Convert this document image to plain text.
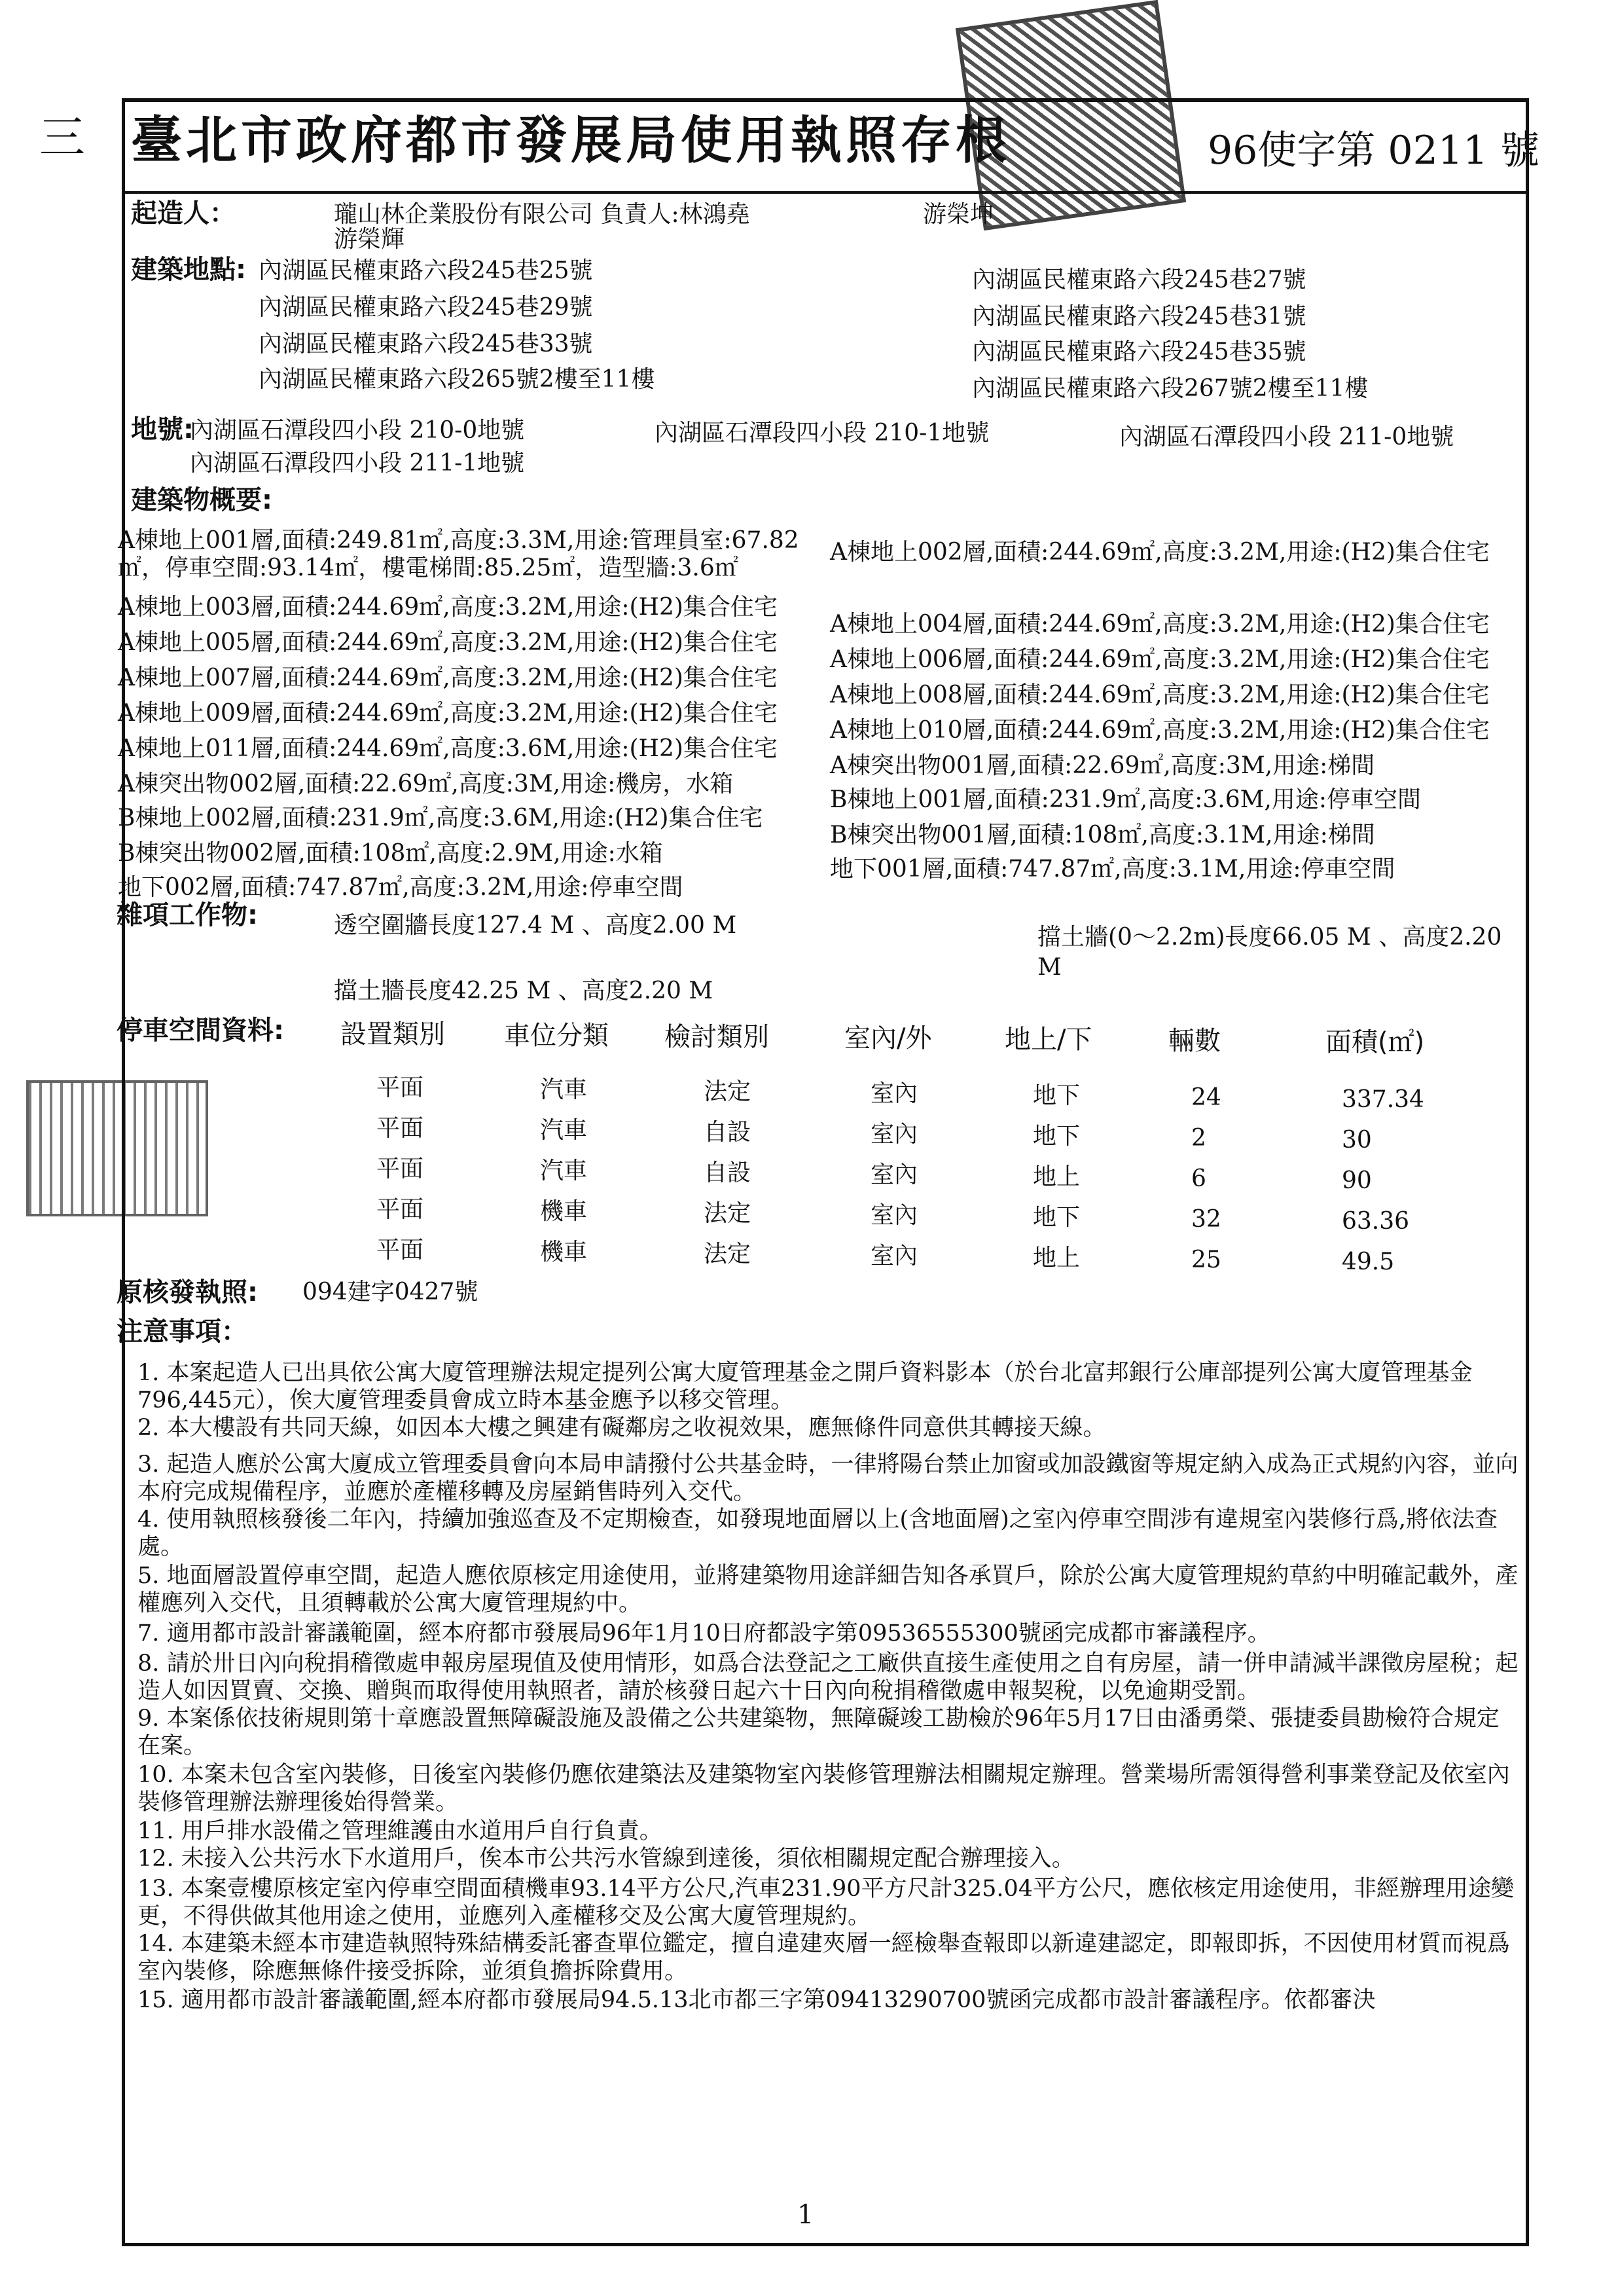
三 臺北市政府都市發展局使用執照存根	96使字第 0211 號
起造人：	瓏山林企業股份有限公司 負責人:林鴻堯	游榮坤
游榮輝
建築地點: 內湖區民權東路六段245巷25號
內湖區民權東路六段245巷29號
內湖區民權東路六段245巷33號
內湖區民權東路六段265號2樓至11樓
內湖區民權東路六段245巷27號
內湖區民權東路六段245巷31號
內湖區民權東路六段245巷35號
內湖區民權東路六段267號2樓至11樓
地號:
內湖區石潭段四小段 210-0地號	內湖區石潭段四小段 210-1地號	內湖區石潭段四小段 211-0地號
內湖區石潭段四小段 211-1地號
建築物概要:
A棟地上001層,面積:249.81㎡,高度:3.3M,用途:管理員室:67.82
㎡，停車空間:93.14㎡，樓電梯間:85.25㎡，造型牆:3.6㎡
A棟地上003層,面積:244.69㎡,高度:3.2M,用途:(H2)集合住宅
A棟地上005層,面積:244.69㎡,高度:3.2M,用途:(H2)集合住宅
A棟地上007層,面積:244.69㎡,高度:3.2M,用途:(H2)集合住宅
A棟地上009層,面積:244.69㎡,高度:3.2M,用途:(H2)集合住宅
A棟地上011層,面積:244.69㎡,高度:3.6M,用途:(H2)集合住宅
A棟突出物002層,面積:22.69㎡,高度:3M,用途:機房，水箱
B棟地上002層,面積:231.9㎡,高度:3.6M,用途:(H2)集合住宅
B棟突出物002層,面積:108㎡,高度:2.9M,用途:水箱
地下002層,面積:747.87㎡,高度:3.2M,用途:停車空間
A棟地上002層,面積:244.69㎡,高度:3.2M,用途:(H2)集合住宅
A棟地上004層,面積:244.69㎡,高度:3.2M,用途:(H2)集合住宅
A棟地上006層,面積:244.69㎡,高度:3.2M,用途:(H2)集合住宅
A棟地上008層,面積:244.69㎡,高度:3.2M,用途:(H2)集合住宅
A棟地上010層,面積:244.69㎡,高度:3.2M,用途:(H2)集合住宅
A棟突出物001層,面積:22.69㎡,高度:3M,用途:梯間
B棟地上001層,面積:231.9㎡,高度:3.6M,用途:停車空間
B棟突出物001層,面積:108㎡,高度:3.1M,用途:梯間
地下001層,面積:747.87㎡,高度:3.1M,用途:停車空間
雜項工作物:	透空圍牆長度127.4 M 、高度2.00 M	擋土牆(0～2.2m)長度66.05 M 、高度2.20
M
擋土牆長度42.25 M 、高度2.20 M
停車空間資料: 設置類別 車位分類 檢討類別	室內/外	地上/下	輛數	面積(㎡)
平面	汽車	法定	室內	地下	24	337.34
平面	汽車	自設	室內	地下	2	30
平面	汽車	自設	室內	地上	6	90
平面	機車	法定	室內	地下	32	63.36
平面	機車	法定	室內	地上	25	49.5
原核發執照: 094建字0427號
注意事項：
1. 本案起造人已出具依公寓大廈管理辦法規定提列公寓大廈管理基金之開戶資料影本（於台北富邦銀行公庫部提列公寓大廈管理基金796,445元），俟大廈管理委員會成立時本基金應予以移交管理。
2. 本大樓設有共同天線，如因本大樓之興建有礙鄰房之收視效果，應無條件同意供其轉接天線。
3. 起造人應於公寓大廈成立管理委員會向本局申請撥付公共基金時，一律將陽台禁止加窗或加設鐵窗等規定納入成為正式規約內容，並向本府完成規備程序，並應於產權移轉及房屋銷售時列入交代。
4. 使用執照核發後二年內，持續加強巡查及不定期檢查，如發現地面層以上(含地面層)之室內停車空間涉有違規室內裝修行爲,將依法查處。
5. 地面層設置停車空間，起造人應依原核定用途使用，並將建築物用途詳細告知各承買戶，除於公寓大廈管理規約草約中明確記載外，產權應列入交代，且須轉載於公寓大廈管理規約中。
7. 適用都市設計審議範圍，經本府都市發展局96年1月10日府都設字第09536555300號函完成都市審議程序。
8. 請於卅日內向稅捐稽徵處申報房屋現值及使用情形，如爲合法登記之工廠供直接生產使用之自有房屋，請一併申請減半課徵房屋稅；起造人如因買賣、交換、贈與而取得使用執照者，請於核發日起六十日內向稅捐稽徵處申報契稅，以免逾期受罰。
9. 本案係依技術規則第十章應設置無障礙設施及設備之公共建築物，無障礙竣工勘檢於96年5月17日由潘勇榮、張捷委員勘檢符合規定在案。
10. 本案未包含室內裝修，日後室內裝修仍應依建築法及建築物室內裝修管理辦法相關規定辦理。營業場所需領得營利事業登記及依室內裝修管理辦法辦理後始得營業。
11. 用戶排水設備之管理維護由水道用戶自行負責。
12. 未接入公共污水下水道用戶，俟本市公共污水管線到達後，須依相關規定配合辦理接入。
13. 本案壹樓原核定室內停車空間面積機車93.14平方公尺,汽車231.90平方尺計325.04平方公尺，應依核定用途使用，非經辦理用途變更，不得供做其他用途之使用，並應列入產權移交及公寓大廈管理規約。
14. 本建築未經本市建造執照特殊結構委託審查單位鑑定，擅自違建夾層一經檢舉查報即以新違建認定，即報即拆，不因使用材質而視爲室內裝修，除應無條件接受拆除，並須負擔拆除費用。
15. 適用都市設計審議範圍,經本府都市發展局94.5.13北市都三字第09413290700號函完成都市設計審議程序。依都審決
1
